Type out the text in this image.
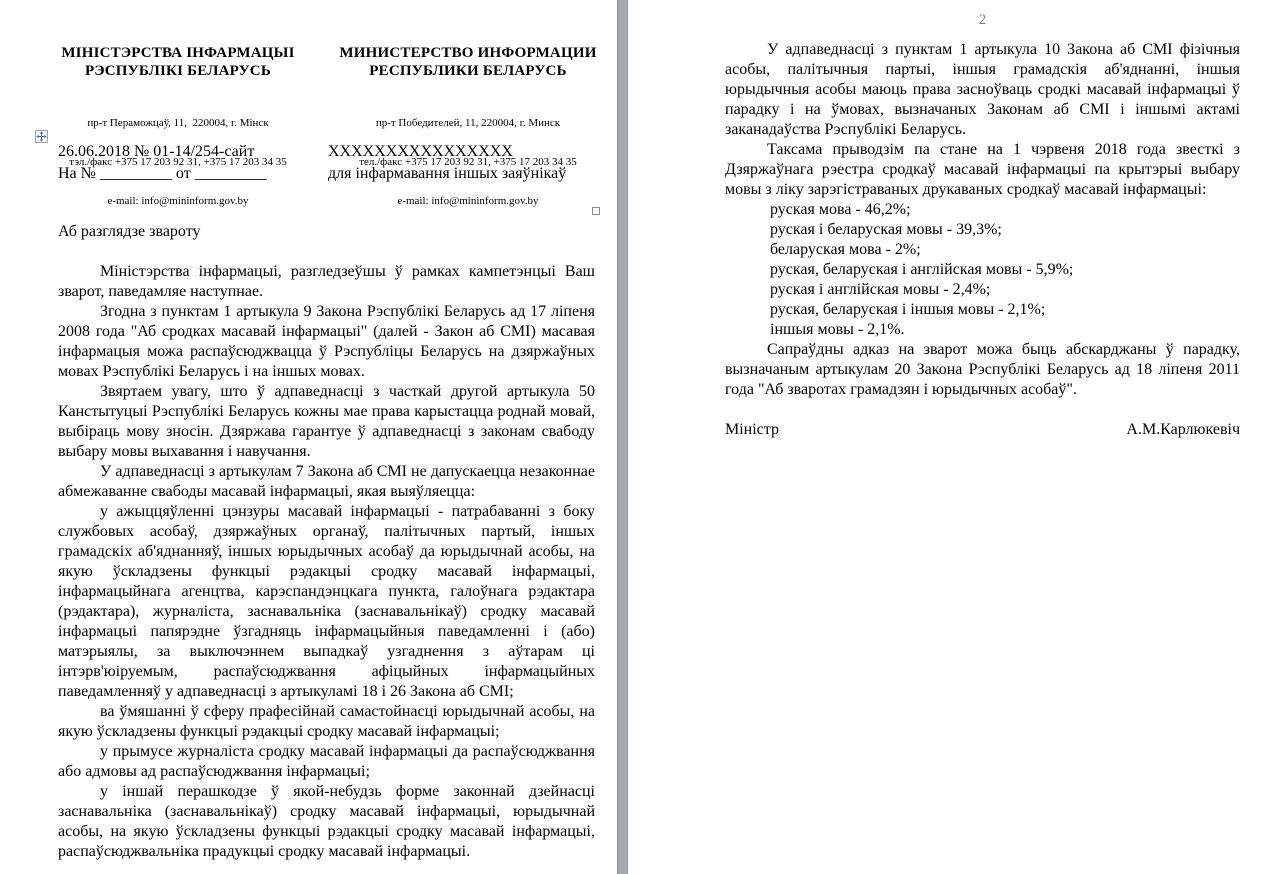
МІНІСТЭРСТВА ІНФАРМАЦЫІ
РЭСПУБЛІКІ БЕЛАРУСЬ

пр-т Пераможцаў, 11,  220004, г. Мінск

тэл./факс +375 17 203 92 31, +375 17 203 34 35

e-mail: info@mininform.gov.by

МИНИСТЕРСТВО ИНФОРМАЦИИ
РЕСПУБЛИКИ БЕЛАРУСЬ

пр-т Победителей, 11, 220004, г. Минск

тел./факс +375 17 203 92 31, +375 17 203 34 35

e-mail: info@mininform.gov.by

26.06.2018 № 01-14/254-сайт
На № _________ от _________
ХХХХХХХХХХХХХХХХ
для інфармавання іншых заяўнікаў
Аб разглядзе звароту

Міністэрства інфармацыі, разгледзеўшы ў рамках кампетэнцыі Ваш зварот, паведамляе наступнае.

Згодна з пунктам 1 артыкула 9 Закона Рэспублікі Беларусь ад 17 ліпеня 2008 года "Аб сродках масавай інфармацыі" (далей - Закон аб СМІ) масавая інфармацыя можа распаўсюджвацца ў Рэспубліцы Беларусь на дзяржаўных мовах Рэспублікі Беларусь і на іншых мовах.

Звяртаем увагу, што ў адпаведнасці з часткай другой артыкула 50 Канстытуцыі Рэспублікі Беларусь кожны мае права карыстацца роднай мовай, выбіраць мову зносін. Дзяржава гарантуе ў адпаведнасці з законам свабоду выбару мовы выхавання і навучання.

У адпаведнасці з артыкулам 7 Закона аб СМІ не дапускаецца незаконнае абмежаванне свабоды масавай інфармацыі, якая выяўляецца:

у ажыццяўленні цэнзуры масавай інфармацыі - патрабаванні з боку службовых асобаў, дзяржаўных органаў, палітычных партый, іншых грамадскіх аб'яднанняў, іншых юрыдычных асобаў да юрыдычнай асобы, на якую ўскладзены функцыі рэдакцыі сродку масавай інфармацыі, інфармацыйнага агенцтва, карэспандэнцкага пункта, галоўнага рэдактара (рэдактара), журналіста, заснавальніка (заснавальнікаў) сродку масавай інфармацыі папярэдне ўзгадняць інфармацыйныя паведамленні і (або) матэрыялы, за выключэннем выпадкаў узгаднення з аўтарам ці інтэрв'юіруемым, распаўсюджвання афіцыйных інфармацыйных паведамленняў у адпаведнасці з артыкуламі 18 і 26 Закона аб СМІ;

ва ўмяшанні ў сферу прафесійнай самастойнасці юрыдычнай асобы, на якую ўскладзены функцыі рэдакцыі сродку масавай інфармацыі;

у прымусе журналіста сродку масавай інфармацыі да распаўсюджвання або адмовы ад распаўсюджвання інфармацыі;

у іншай перашкодзе ў якой-небудзь форме законнай дзейнасці заснавальніка (заснавальнікаў) сродку масавай інфармацыі, юрыдычнай асобы, на якую ўскладзены функцыі рэдакцыі сродку масавай інфармацыі, распаўсюджвальніка прадукцыі сродку масавай інфармацыі.

2

У адпаведнасці з пунктам 1 артыкула 10 Закона аб СМІ фізічныя асобы, палітычныя партыі, іншыя грамадскія аб'яднанні, іншыя юрыдычныя асобы маюць права засноўваць сродкі масавай інфармацыі ў парадку і на ўмовах, вызначаных Законам аб СМІ і іншымі актамі заканадаўства Рэспублікі Беларусь.

Таксама прыводзім па стане на 1 чэрвеня 2018 года звесткі з Дзяржаўнага рэестра сродкаў масавай інфармацыі па крытэрыі выбару мовы з ліку зарэгістраваных друкаваных сродкаў масавай інфармацыі:

руская мова - 46,2%;

руская і беларуская мовы - 39,3%;

беларуская мова - 2%;

руская, беларуская і англійская мовы - 5,9%;

руская і англійская мовы - 2,4%;

руская, беларуская і іншыя мовы - 2,1%;

іншыя мовы - 2,1%.

Сапраўдны адказ на зварот можа быць абскарджаны ў парадку, вызначаным артыкулам 20 Закона Рэспублікі Беларусь ад 18 ліпеня 2011 года "Аб зваротах грамадзян і юрыдычных асобаў".

Міністр	А.М.Карлюкевіч
